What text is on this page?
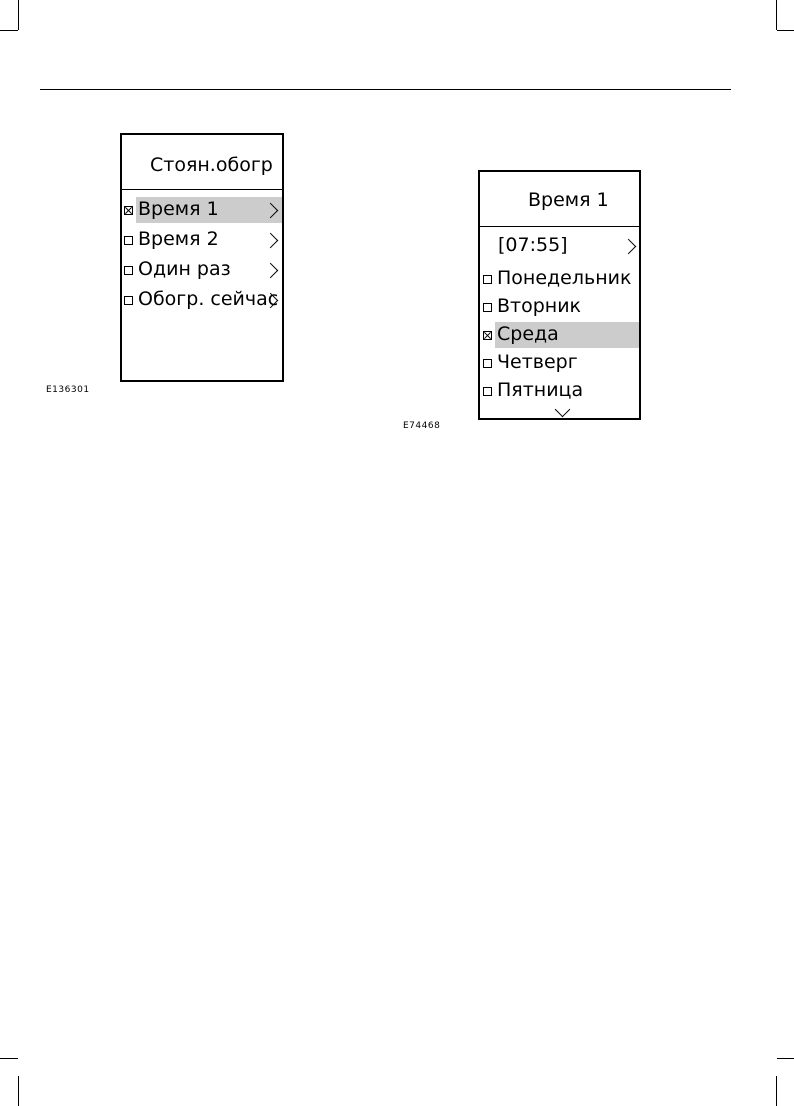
Стоян.обогр
Время 1
Время 2
Один раз
Обогр. сейчас
E136301
Время 1
[07:55]
Понедельник
Вторник
Среда
Четверг
Пятница
E74468
